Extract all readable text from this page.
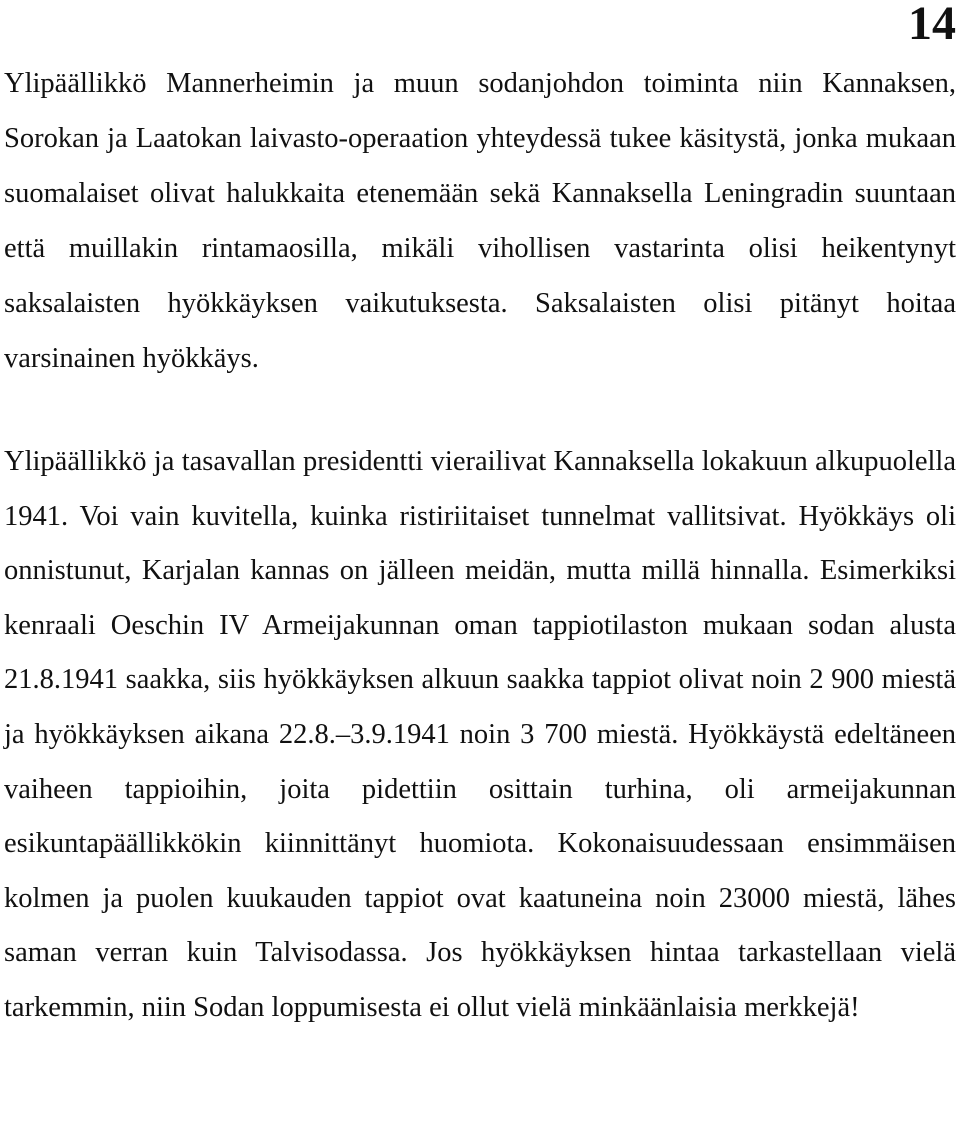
14

Ylipäällikkö Mannerheimin ja muun sodanjohdon toiminta niin Kannaksen, Sorokan ja Laatokan laivasto-operaation yhteydessä tukee käsitystä, jonka mukaan suomalaiset olivat halukkaita etenemään sekä Kannaksella Leningradin suuntaan että muillakin rintamaosilla, mikäli vihollisen vastarinta olisi heikentynyt saksalaisten hyökkäyksen vaikutuksesta. Saksalaisten olisi pitänyt hoitaa varsinainen hyökkäys.

Ylipäällikkö ja tasavallan presidentti vierailivat Kannaksella lokakuun alkupuolella 1941. Voi vain kuvitella, kuinka ristiriitaiset tunnelmat vallitsivat. Hyökkäys oli onnistunut, Karjalan kannas on jälleen meidän, mutta millä hinnalla. Esimerkiksi kenraali Oeschin IV Armeijakunnan oman tappiotilaston mukaan sodan alusta 21.8.1941 saakka, siis hyökkäyksen alkuun saakka tappiot olivat noin 2 900 miestä ja hyökkäyksen aikana 22.8.–3.9.1941 noin 3 700 miestä. Hyökkäystä edeltäneen vaiheen tappioihin, joita pidettiin osittain turhina, oli armeijakunnan esikuntapäällikkökin kiinnittänyt huomiota. Kokonaisuudessaan ensimmäisen kolmen ja puolen kuukauden tappiot ovat kaatuneina noin 23000 miestä, lähes saman verran kuin Talvisodassa. Jos hyökkäyksen hintaa tarkastellaan vielä tarkemmin, niin Sodan loppumisesta ei ollut vielä minkäänlaisia merkkejä!
